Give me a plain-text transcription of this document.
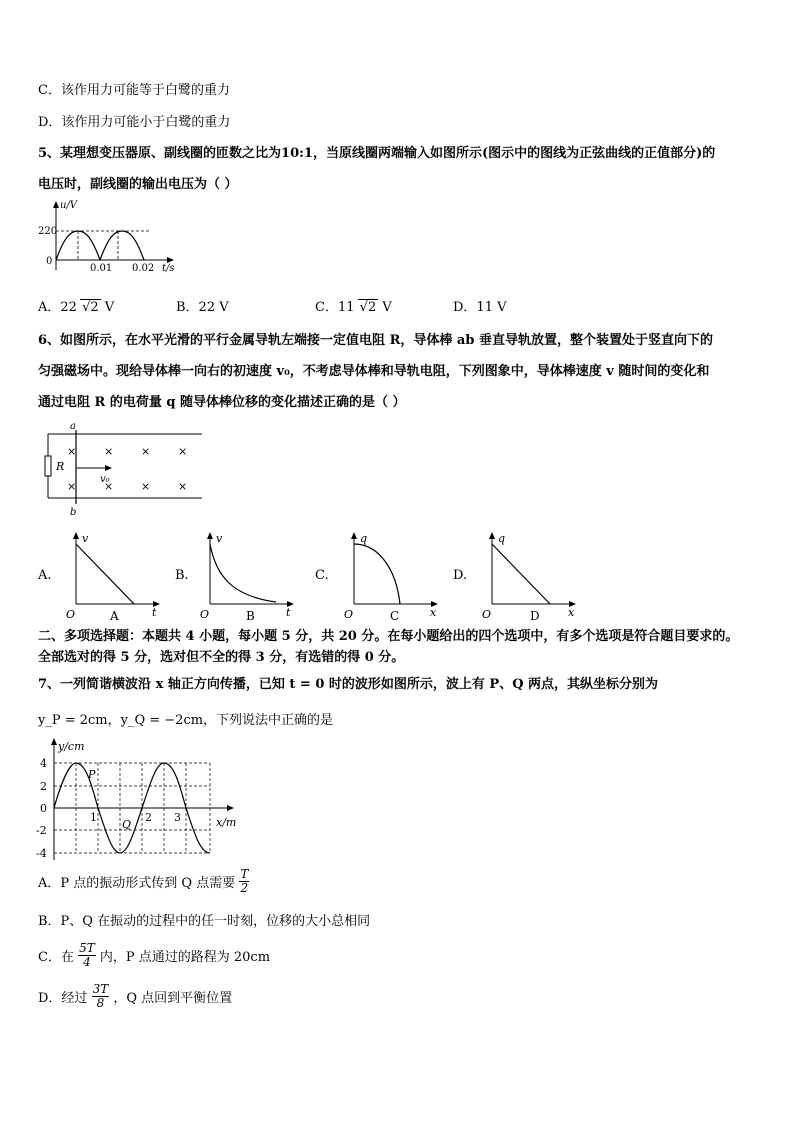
C．该作用力可能等于白鹭的重力
D．该作用力可能小于白鹭的重力
5、某理想变压器原、副线圈的匝数之比为10:1，当原线圈两端输入如图所示(图示中的图线为正弦曲线的正值部分)的
电压时，副线圈的输出电压为（ ）
u/V
220
0
0.01 0.02 t/s
A．22 √2 V	B．22 V	C．11 √2 V	D．11 V
6、如图所示，在水平光滑的平行金属导轨左端接一定值电阻 R，导体棒 ab 垂直导轨放置，整个装置处于竖直向下的
匀强磁场中。现给导体棒一向右的初速度 v₀，不考虑导体棒和导轨电阻，下列图象中，导体棒速度 v 随时间的变化和
通过电阻 R 的电荷量 q 随导体棒位移的变化描述正确的是（ ）
×	×	×	×
×	×	×	×
v₀
a
b
R
A.
v
t
O	A
B.
v
t
O	B
C.
q
x
O	C
D.
q
x
O	D
二、多项选择题：本题共 4 小题，每小题 5 分，共 20 分。在每小题给出的四个选项中，有多个选项是符合题目要求的。
全部选对的得 5 分，选对但不全的得 3 分，有选错的得 0 分。
7、一列简谐横波沿 x 轴正方向传播，已知 t = 0 时的波形如图所示，波上有 P、Q 两点，其纵坐标分别为
y_P = 2cm，y_Q = −2cm，下列说法中正确的是
y/cm
4
2
0
-2
-4
1	2 3	x/m
P
Q
A．P 点的振动形式传到 Q 点需要 $\frac{T}{2}$
B．P、Q 在振动的过程中的任一时刻，位移的大小总相同
C．在 $\frac{5T}{4}$ 内，P 点通过的路程为 20cm
D．经过 $\frac{3T}{8}$ ，Q 点回到平衡位置
